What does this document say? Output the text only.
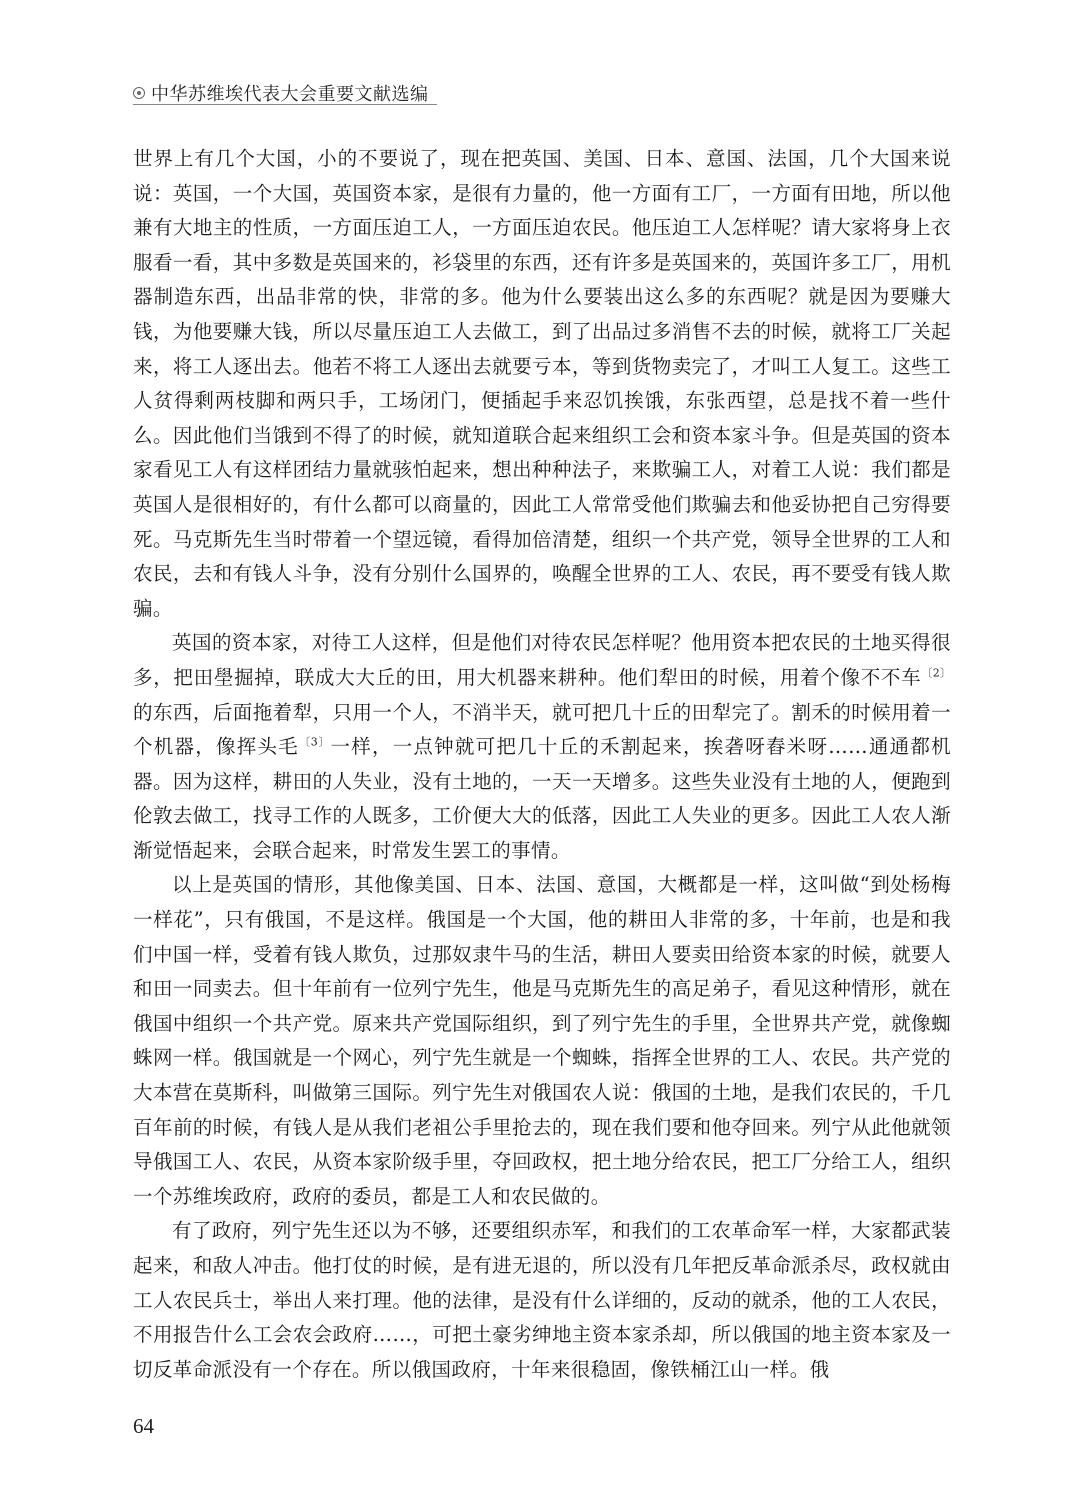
中华苏维埃代表大会重要文献选编

世界上有几个大国，小的不要说了，现在把英国、美国、日本、意国、法国，几个大国来说说：英国，一个大国，英国资本家，是很有力量的，他一方面有工厂，一方面有田地，所以他兼有大地主的性质，一方面压迫工人，一方面压迫农民。他压迫工人怎样呢？请大家将身上衣服看一看，其中多数是英国来的，衫袋里的东西，还有许多是英国来的，英国许多工厂，用机器制造东西，出品非常的快，非常的多。他为什么要装出这么多的东西呢？就是因为要赚大钱，为他要赚大钱，所以尽量压迫工人去做工，到了出品过多消售不去的时候，就将工厂关起来，将工人逐出去。他若不将工人逐出去就要亏本，等到货物卖完了，才叫工人复工。这些工人贫得剩两枝脚和两只手，工场闭门，便插起手来忍饥挨饿，东张西望，总是找不着一些什么。因此他们当饿到不得了的时候，就知道联合起来组织工会和资本家斗争。但是英国的资本家看见工人有这样团结力量就骇怕起来，想出种种法子，来欺骗工人，对着工人说：我们都是英国人是很相好的，有什么都可以商量的，因此工人常常受他们欺骗去和他妥协把自己穷得要死。马克斯先生当时带着一个望远镜，看得加倍清楚，组织一个共产党，领导全世界的工人和农民，去和有钱人斗争，没有分别什么国界的，唤醒全世界的工人、农民，再不要受有钱人欺骗。

英国的资本家，对待工人这样，但是他们对待农民怎样呢？他用资本把农民的土地买得很多，把田壆掘掉，联成大大丘的田，用大机器来耕种。他们犁田的时候，用着个像不不车$^{〔2〕}$的东西，后面拖着犁，只用一个人，不消半天，就可把几十丘的田犁完了。割禾的时候用着一个机器，像挥头毛$^{〔3〕}$一样，一点钟就可把几十丘的禾割起来，挨砻呀舂米呀……通通都机器。因为这样，耕田的人失业，没有土地的，一天一天增多。这些失业没有土地的人，便跑到伦敦去做工，找寻工作的人既多，工价便大大的低落，因此工人失业的更多。因此工人农人渐渐觉悟起来，会联合起来，时常发生罢工的事情。

以上是英国的情形，其他像美国、日本、法国、意国，大概都是一样，这叫做“到处杨梅一样花”，只有俄国，不是这样。俄国是一个大国，他的耕田人非常的多，十年前，也是和我们中国一样，受着有钱人欺负，过那奴隶牛马的生活，耕田人要卖田给资本家的时候，就要人和田一同卖去。但十年前有一位列宁先生，他是马克斯先生的高足弟子，看见这种情形，就在俄国中组织一个共产党。原来共产党国际组织，到了列宁先生的手里，全世界共产党，就像蜘蛛网一样。俄国就是一个网心，列宁先生就是一个蜘蛛，指挥全世界的工人、农民。共产党的大本营在莫斯科，叫做第三国际。列宁先生对俄国农人说：俄国的土地，是我们农民的，千几百年前的时候，有钱人是从我们老祖公手里抢去的，现在我们要和他夺回来。列宁从此他就领导俄国工人、农民，从资本家阶级手里，夺回政权，把土地分给农民，把工厂分给工人，组织一个苏维埃政府，政府的委员，都是工人和农民做的。

有了政府，列宁先生还以为不够，还要组织赤军，和我们的工农革命军一样，大家都武装起来，和敌人冲击。他打仗的时候，是有进无退的，所以没有几年把反革命派杀尽，政权就由工人农民兵士，举出人来打理。他的法律，是没有什么详细的，反动的就杀，他的工人农民，不用报告什么工会农会政府……，可把土豪劣绅地主资本家杀却，所以俄国的地主资本家及一切反革命派没有一个存在。所以俄国政府，十年来很稳固，像铁桶江山一样。俄

64
